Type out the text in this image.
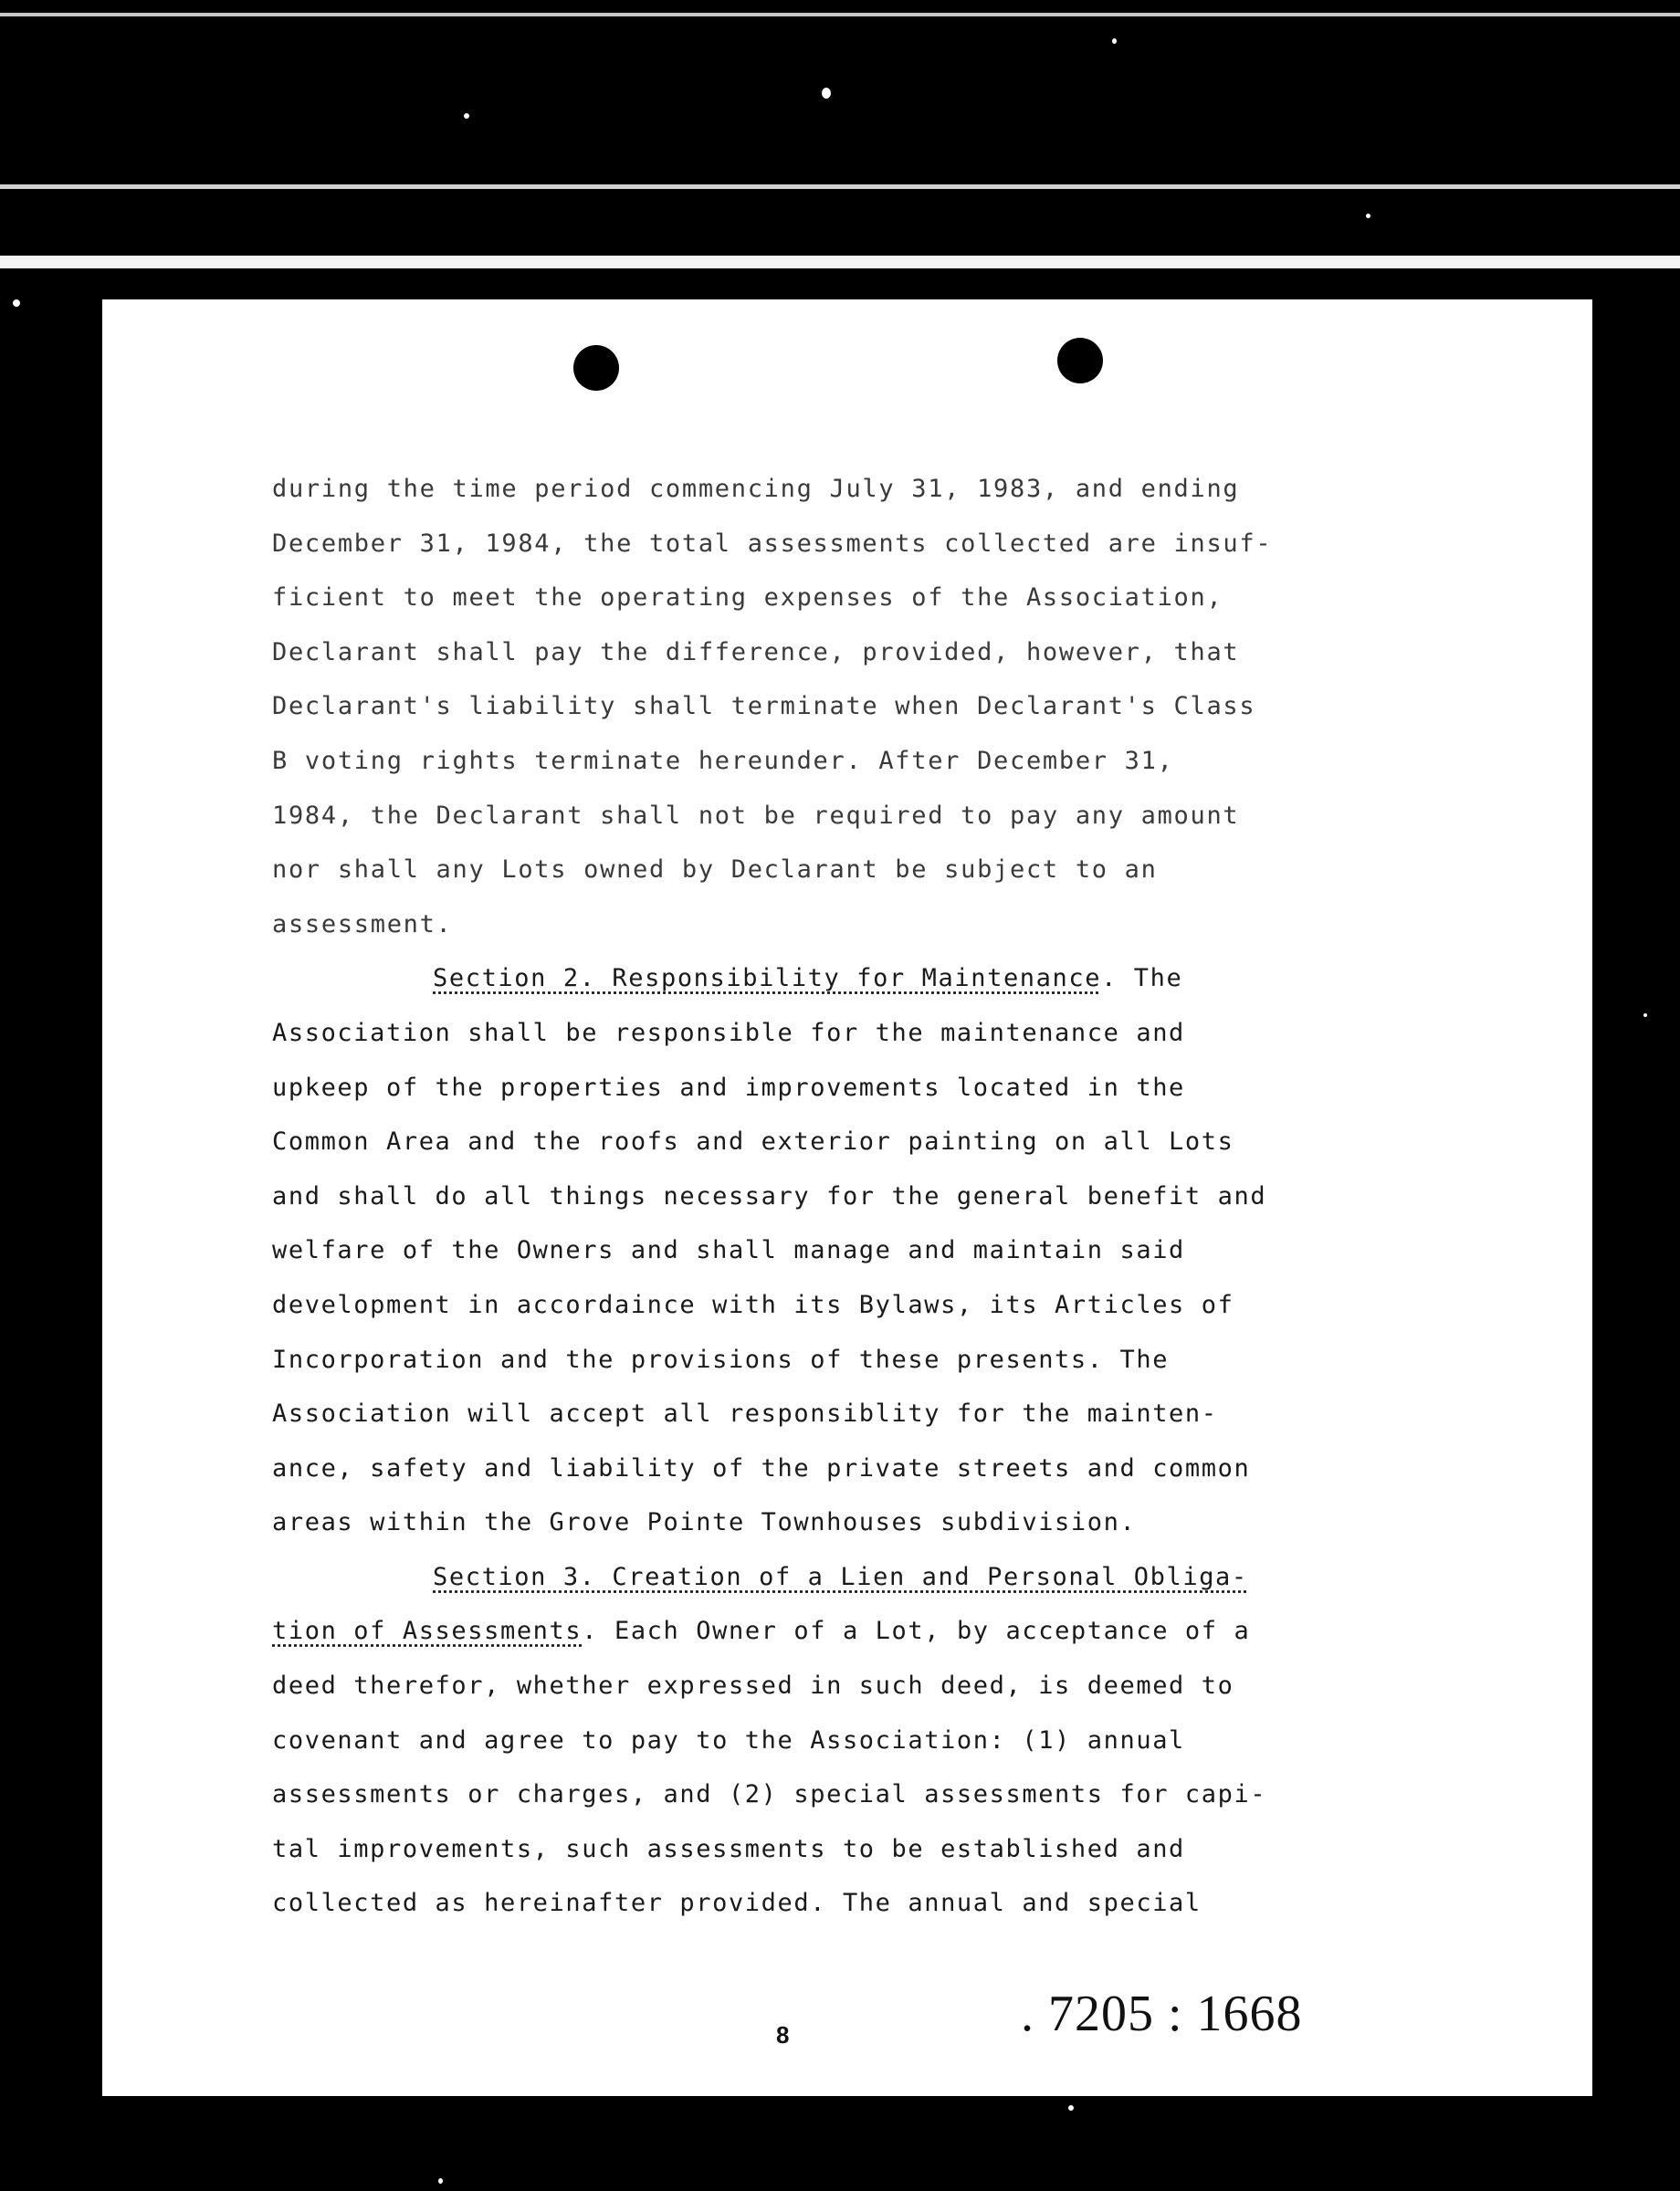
during the time period commencing July 31, 1983, and ending
December 31, 1984, the total assessments collected are insuf-
ficient to meet the operating expenses of the Association,
Declarant shall pay the difference, provided, however, that
Declarant's liability shall terminate when Declarant's Class
B voting rights terminate hereunder. After December 31,
1984, the Declarant shall not be required to pay any amount
nor shall any Lots owned by Declarant be subject to an
assessment.
Section 2. Responsibility for Maintenance. The
Association shall be responsible for the maintenance and
upkeep of the properties and improvements located in the
Common Area and the roofs and exterior painting on all Lots
and shall do all things necessary for the general benefit and
welfare of the Owners and shall manage and maintain said
development in accordaince with its Bylaws, its Articles of
Incorporation and the provisions of these presents. The
Association will accept all responsiblity for the mainten-
ance, safety and liability of the private streets and common
areas within the Grove Pointe Townhouses subdivision.
Section 3. Creation of a Lien and Personal Obliga-
tion of Assessments. Each Owner of a Lot, by acceptance of a
deed therefor, whether expressed in such deed, is deemed to
covenant and agree to pay to the Association: (1) annual
assessments or charges, and (2) special assessments for capi-
tal improvements, such assessments to be established and
collected as hereinafter provided. The annual and special
8	. 7205 : 1668
